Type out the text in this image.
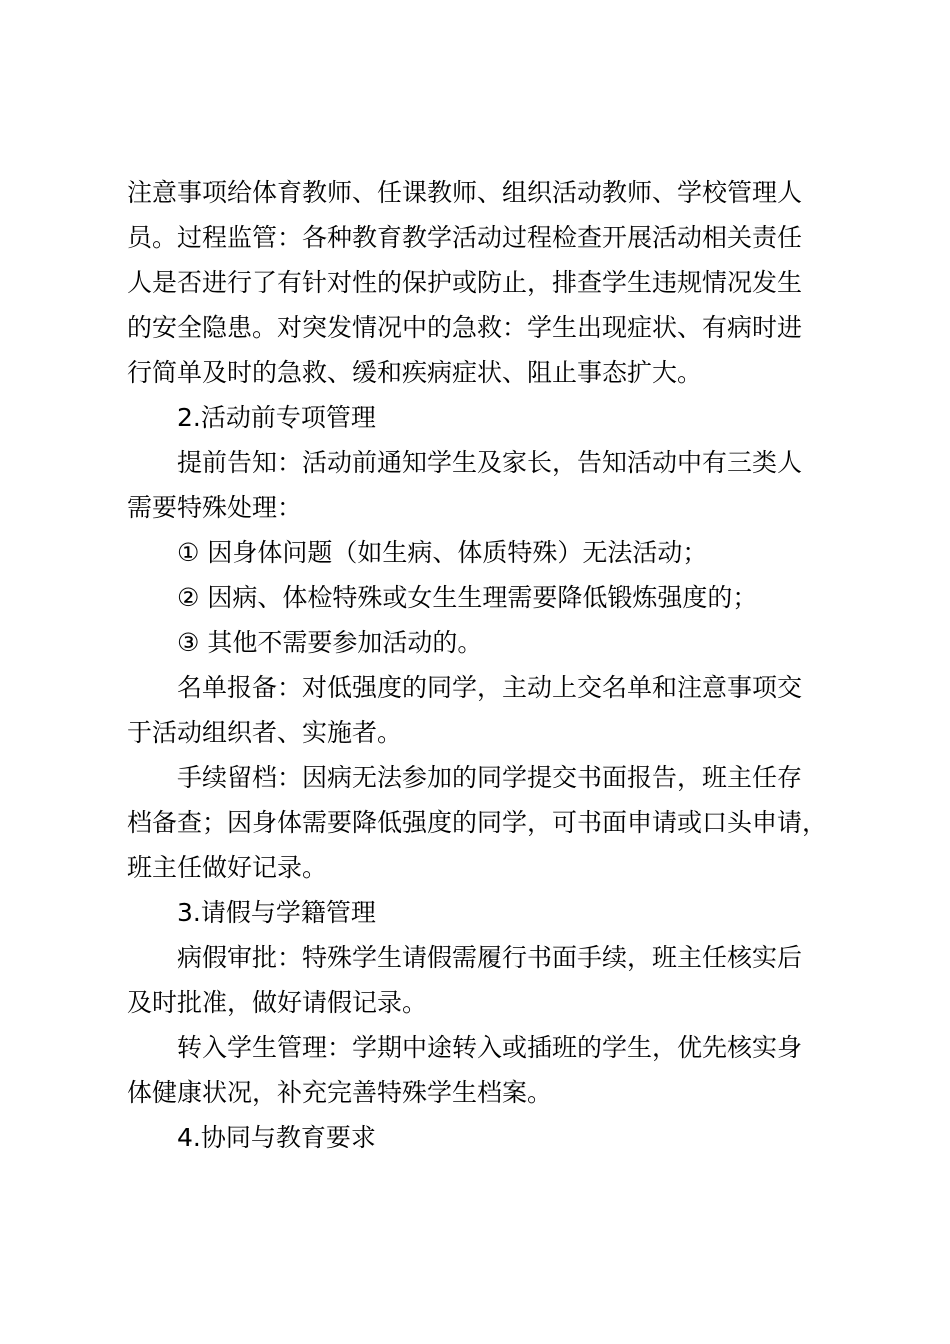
注意事项给体育教师、任课教师、组织活动教师、学校管理人
员。过程监管：各种教育教学活动过程检查开展活动相关责任
人是否进行了有针对性的保护或防止，排查学生违规情况发生
的安全隐患。对突发情况中的急救：学生出现症状、有病时进
行简单及时的急救、缓和疾病症状、阻止事态扩大。
2.活动前专项管理
提前告知：活动前通知学生及家长，告知活动中有三类人
需要特殊处理：
① 因身体问题（如生病、体质特殊）无法活动；
② 因病、体检特殊或女生生理需要降低锻炼强度的；
③ 其他不需要参加活动的。
名单报备：对低强度的同学，主动上交名单和注意事项交
于活动组织者、实施者。
手续留档：因病无法参加的同学提交书面报告，班主任存
档备查；因身体需要降低强度的同学，可书面申请或口头申请，
班主任做好记录。
3.请假与学籍管理
病假审批：特殊学生请假需履行书面手续，班主任核实后
及时批准，做好请假记录。
转入学生管理：学期中途转入或插班的学生，优先核实身
体健康状况，补充完善特殊学生档案。
4.协同与教育要求
